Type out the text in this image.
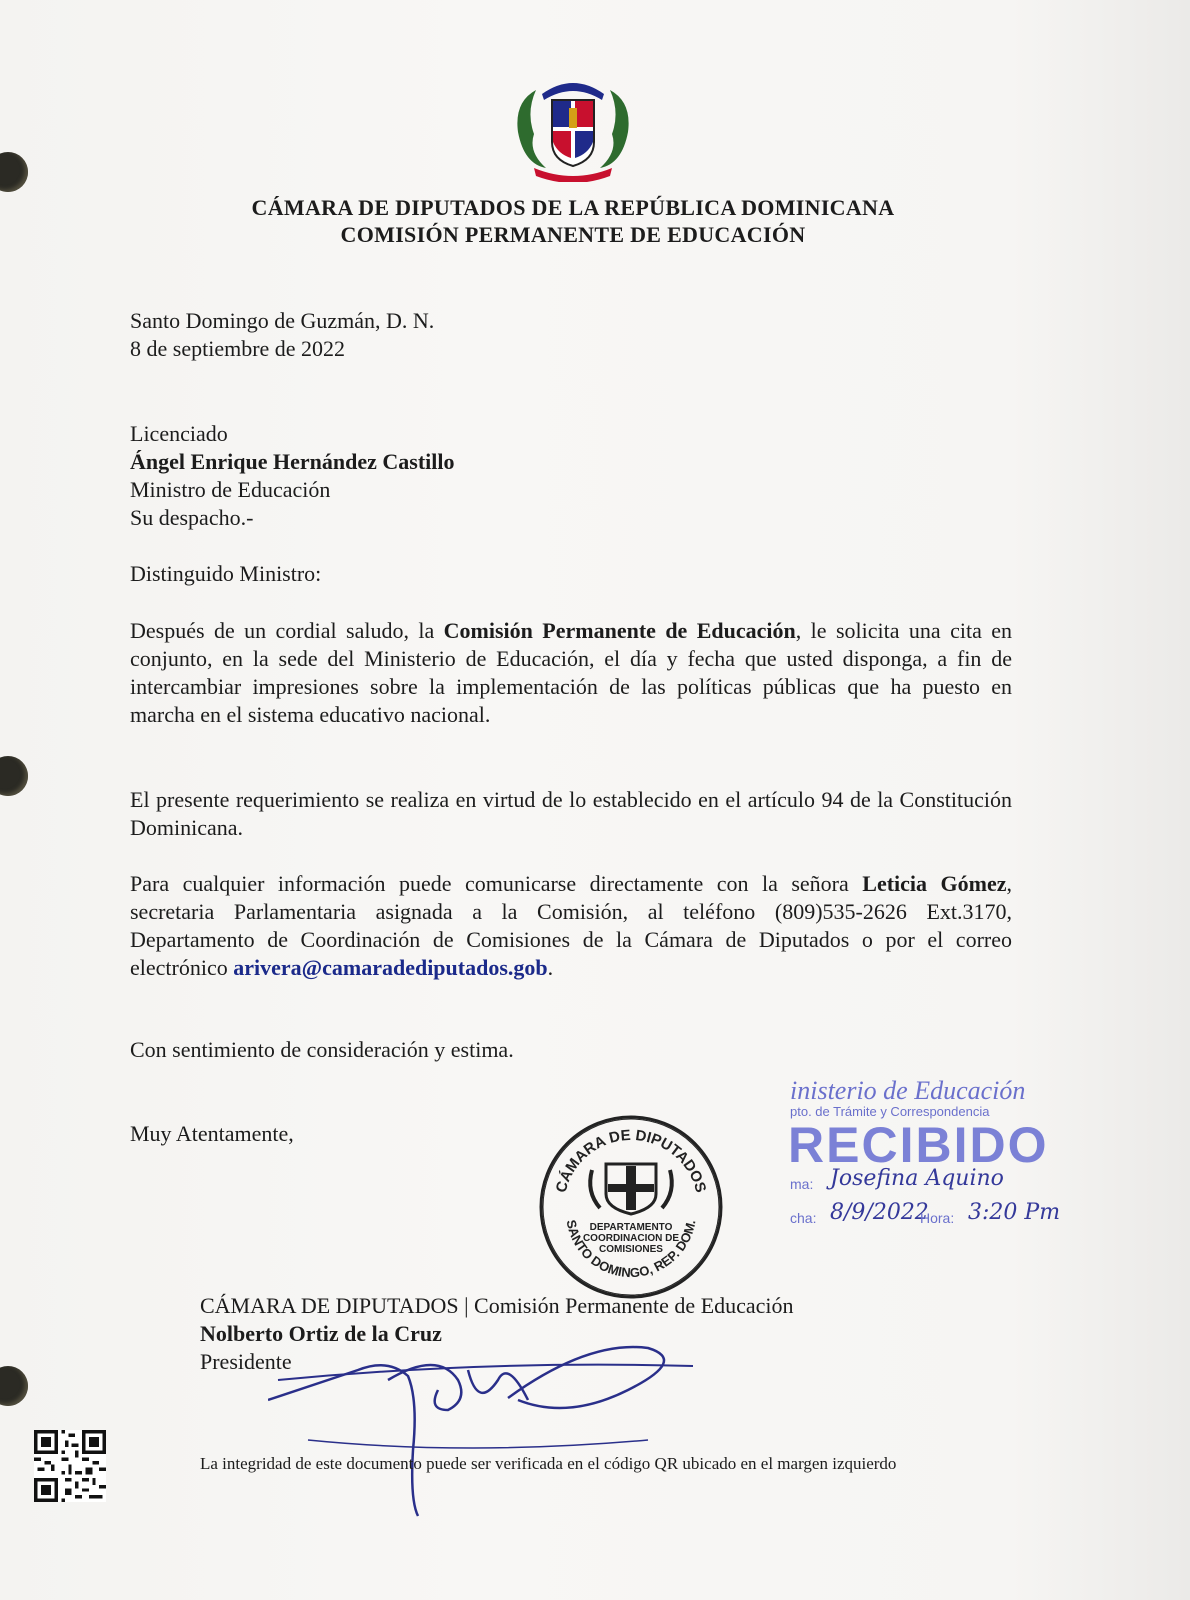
CÁMARA DE DIPUTADOS DE LA REPÚBLICA DOMINICANA
COMISIÓN PERMANENTE DE EDUCACIÓN
Santo Domingo de Guzmán, D. N.
8 de septiembre de 2022
Licenciado
Ángel Enrique Hernández Castillo
Ministro de Educación
Su despacho.-
Distinguido Ministro:
Después de un cordial saludo, la Comisión Permanente de Educación, le solicita una cita en conjunto, en la sede del Ministerio de Educación, el día y fecha que usted disponga, a fin de intercambiar impresiones sobre la implementación de las políticas públicas que ha puesto en marcha en el sistema educativo nacional.
El presente requerimiento se realiza en virtud de lo establecido en el artículo 94 de la Constitución Dominicana.
Para cualquier información puede comunicarse directamente con la señora Leticia Gómez, secretaria Parlamentaria asignada a la Comisión, al teléfono (809)535-2626 Ext.3170, Departamento de Coordinación de Comisiones de la Cámara de Diputados o por el correo electrónico arivera@camaradediputados.gob.
Con sentimiento de consideración y estima.
Muy Atentamente,
CÁMARA DE DIPUTADOS
SANTO DOMINGO, REP. DOM.
DEPARTAMENTO
COORDINACION DE
COMISIONES
inisterio de Educación
pto. de Trámite y Correspondencia
RECIBIDO
ma: Josefina Aquino
cha: 8/9/2022
Hora: 3:20 Pm
CÁMARA DE DIPUTADOS | Comisión Permanente de Educación
Nolberto Ortiz de la Cruz
Presidente
La integridad de este documento puede ser verificada en el código QR ubicado en el margen izquierdo
